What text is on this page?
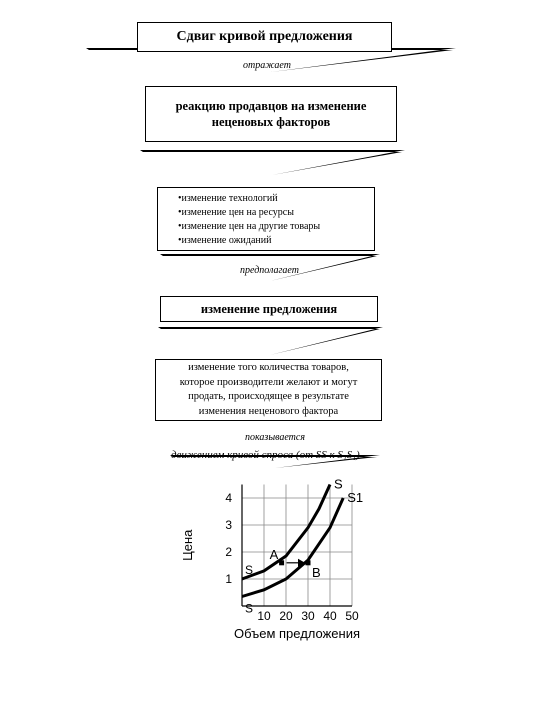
Сдвиг кривой предложения
отражает
реакцию продавцов на изменение
неценовых факторов
•изменение технологий
•изменение цен на ресурсы
•изменение цен на другие товары
•изменение ожиданий
предполагает
изменение предложения
изменение того количества товаров,
которое производители желают и могут
продать, происходящее в результате
изменения неценового фактора
показывается
движением кривой спроса (от SS к S₁S₁)
10 20 30 40 50
1
2
3
4
Объем предложения
Цена
S
S
S
S1
A
B
